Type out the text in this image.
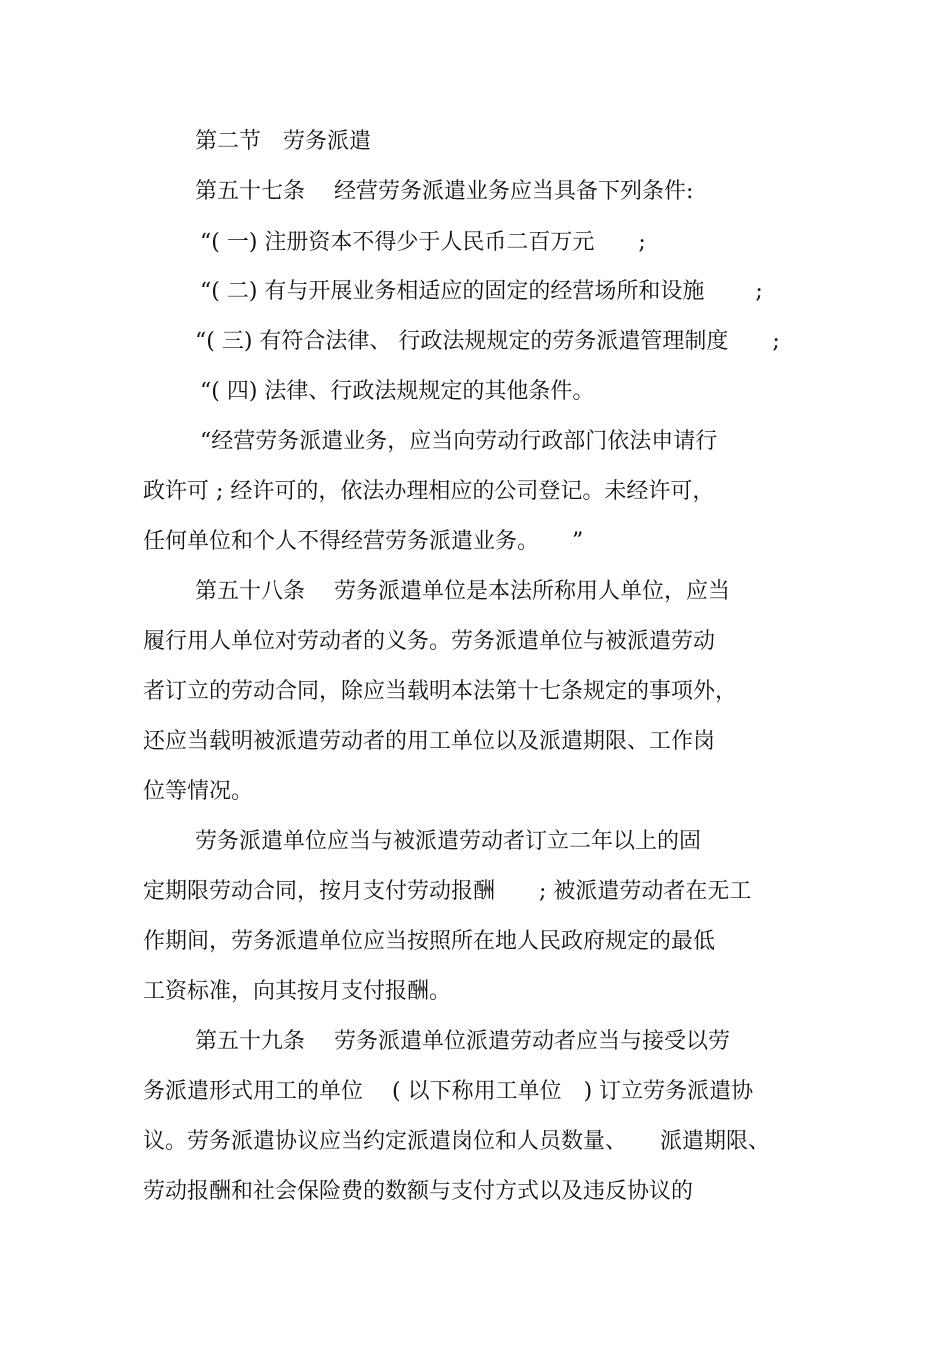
第二节　劳务派遣
第五十七条　 经营劳务派遣业务应当具备下列条件:
“( 一) 注册资本不得少于人民币二百万元　　;
“( 二) 有与开展业务相适应的固定的经营场所和设施　　 ;
“( 三) 有符合法律、 行政法规规定的劳务派遣管理制度　　;
“( 四) 法律、行政法规规定的其他条件。
“经营劳务派遣业务，应当向劳动行政部门依法申请行
政许可 ; 经许可的，依法办理相应的公司登记。未经许可，
任何单位和个人不得经营劳务派遣业务。　　”
第五十八条　 劳务派遣单位是本法所称用人单位，应当
履行用人单位对劳动者的义务。劳务派遣单位与被派遣劳动
者订立的劳动合同，除应当载明本法第十七条规定的事项外，
还应当载明被派遣劳动者的用工单位以及派遣期限、工作岗
位等情况。
劳务派遣单位应当与被派遣劳动者订立二年以上的固
定期限劳动合同，按月支付劳动报酬　　; 被派遣劳动者在无工
作期间，劳务派遣单位应当按照所在地人民政府规定的最低
工资标准，向其按月支付报酬。
第五十九条　 劳务派遣单位派遣劳动者应当与接受以劳
务派遣形式用工的单位　 ( 以下称用工单位　) 订立劳务派遣协
议。劳务派遣协议应当约定派遣岗位和人员数量、　　派遣期限、
劳动报酬和社会保险费的数额与支付方式以及违反协议的
